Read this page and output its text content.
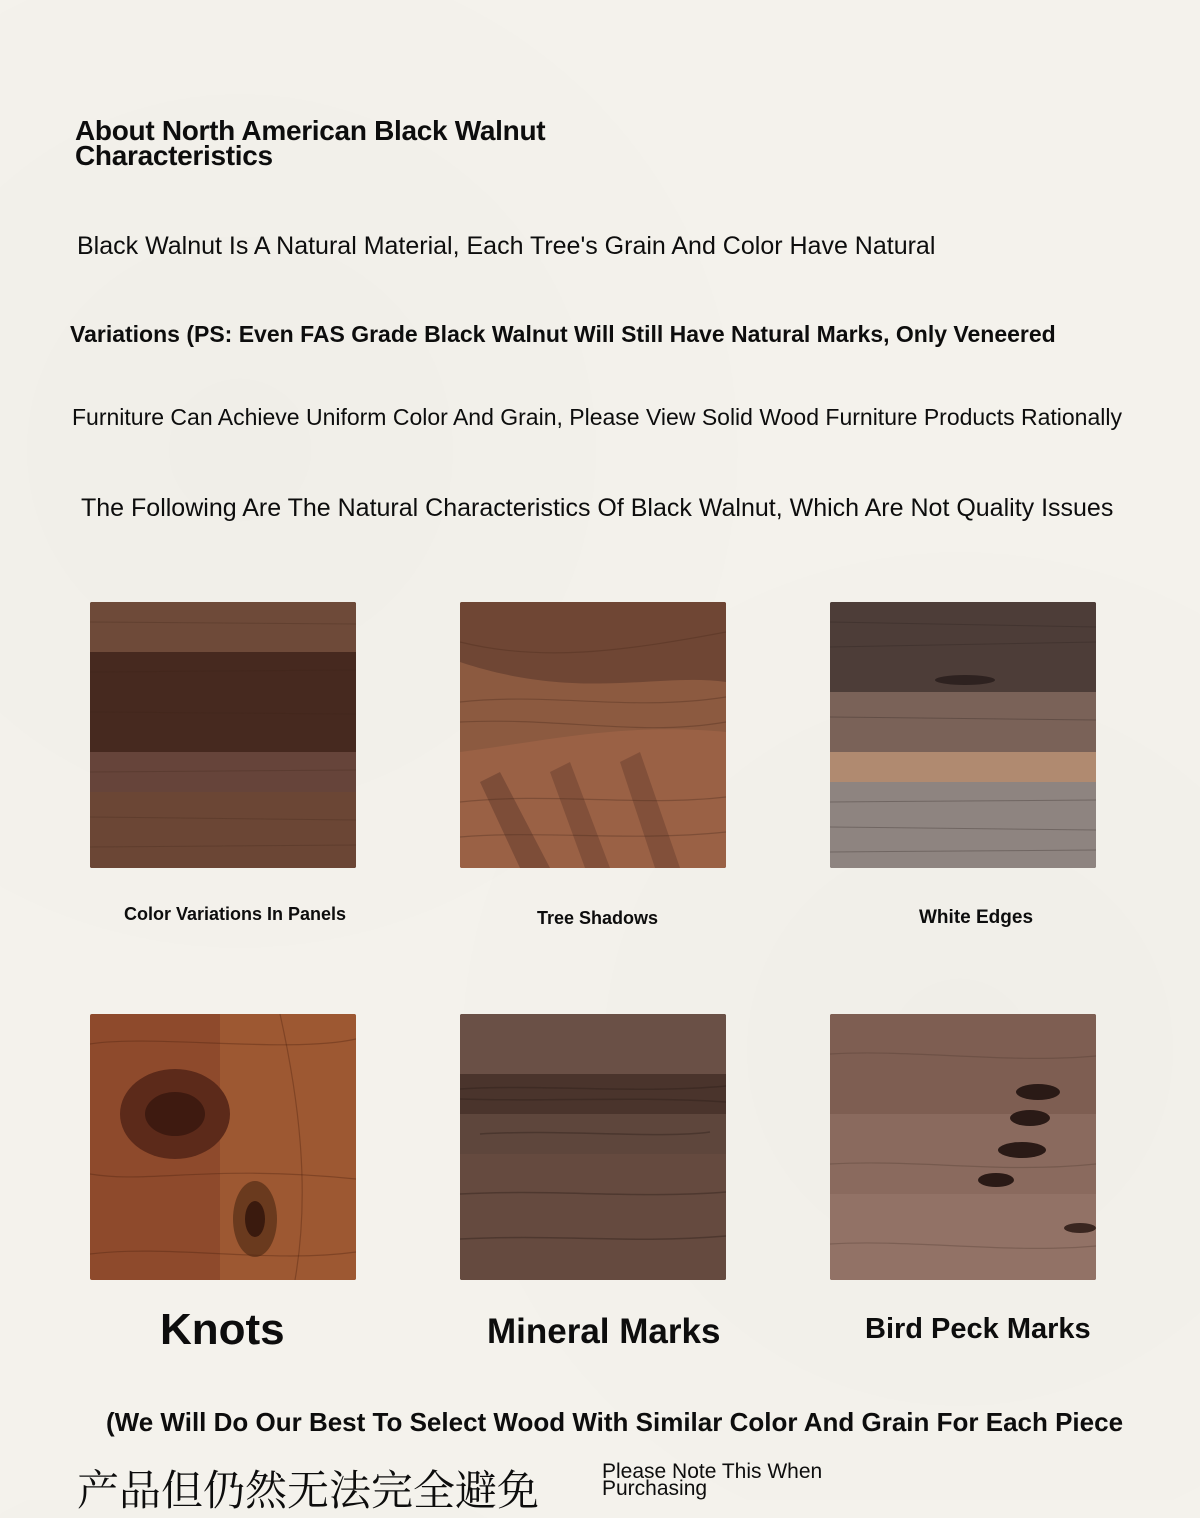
About North American Black Walnut Characteristics
Black Walnut Is A Natural Material, Each Tree's Grain And Color Have Natural
Variations (PS: Even FAS Grade Black Walnut Will Still Have Natural Marks, Only Veneered
Furniture Can Achieve Uniform Color And Grain, Please View Solid Wood Furniture Products Rationally
The Following Are The Natural Characteristics Of Black Walnut, Which Are Not Quality Issues
Color Variations In Panels	Tree Shadows	White Edges
Knots	Mineral Marks	Bird Peck Marks
(We Will Do Our Best To Select Wood With Similar Color And Grain For Each Piece
产品但仍然无法完全避免	Please Note This When Purchasing
